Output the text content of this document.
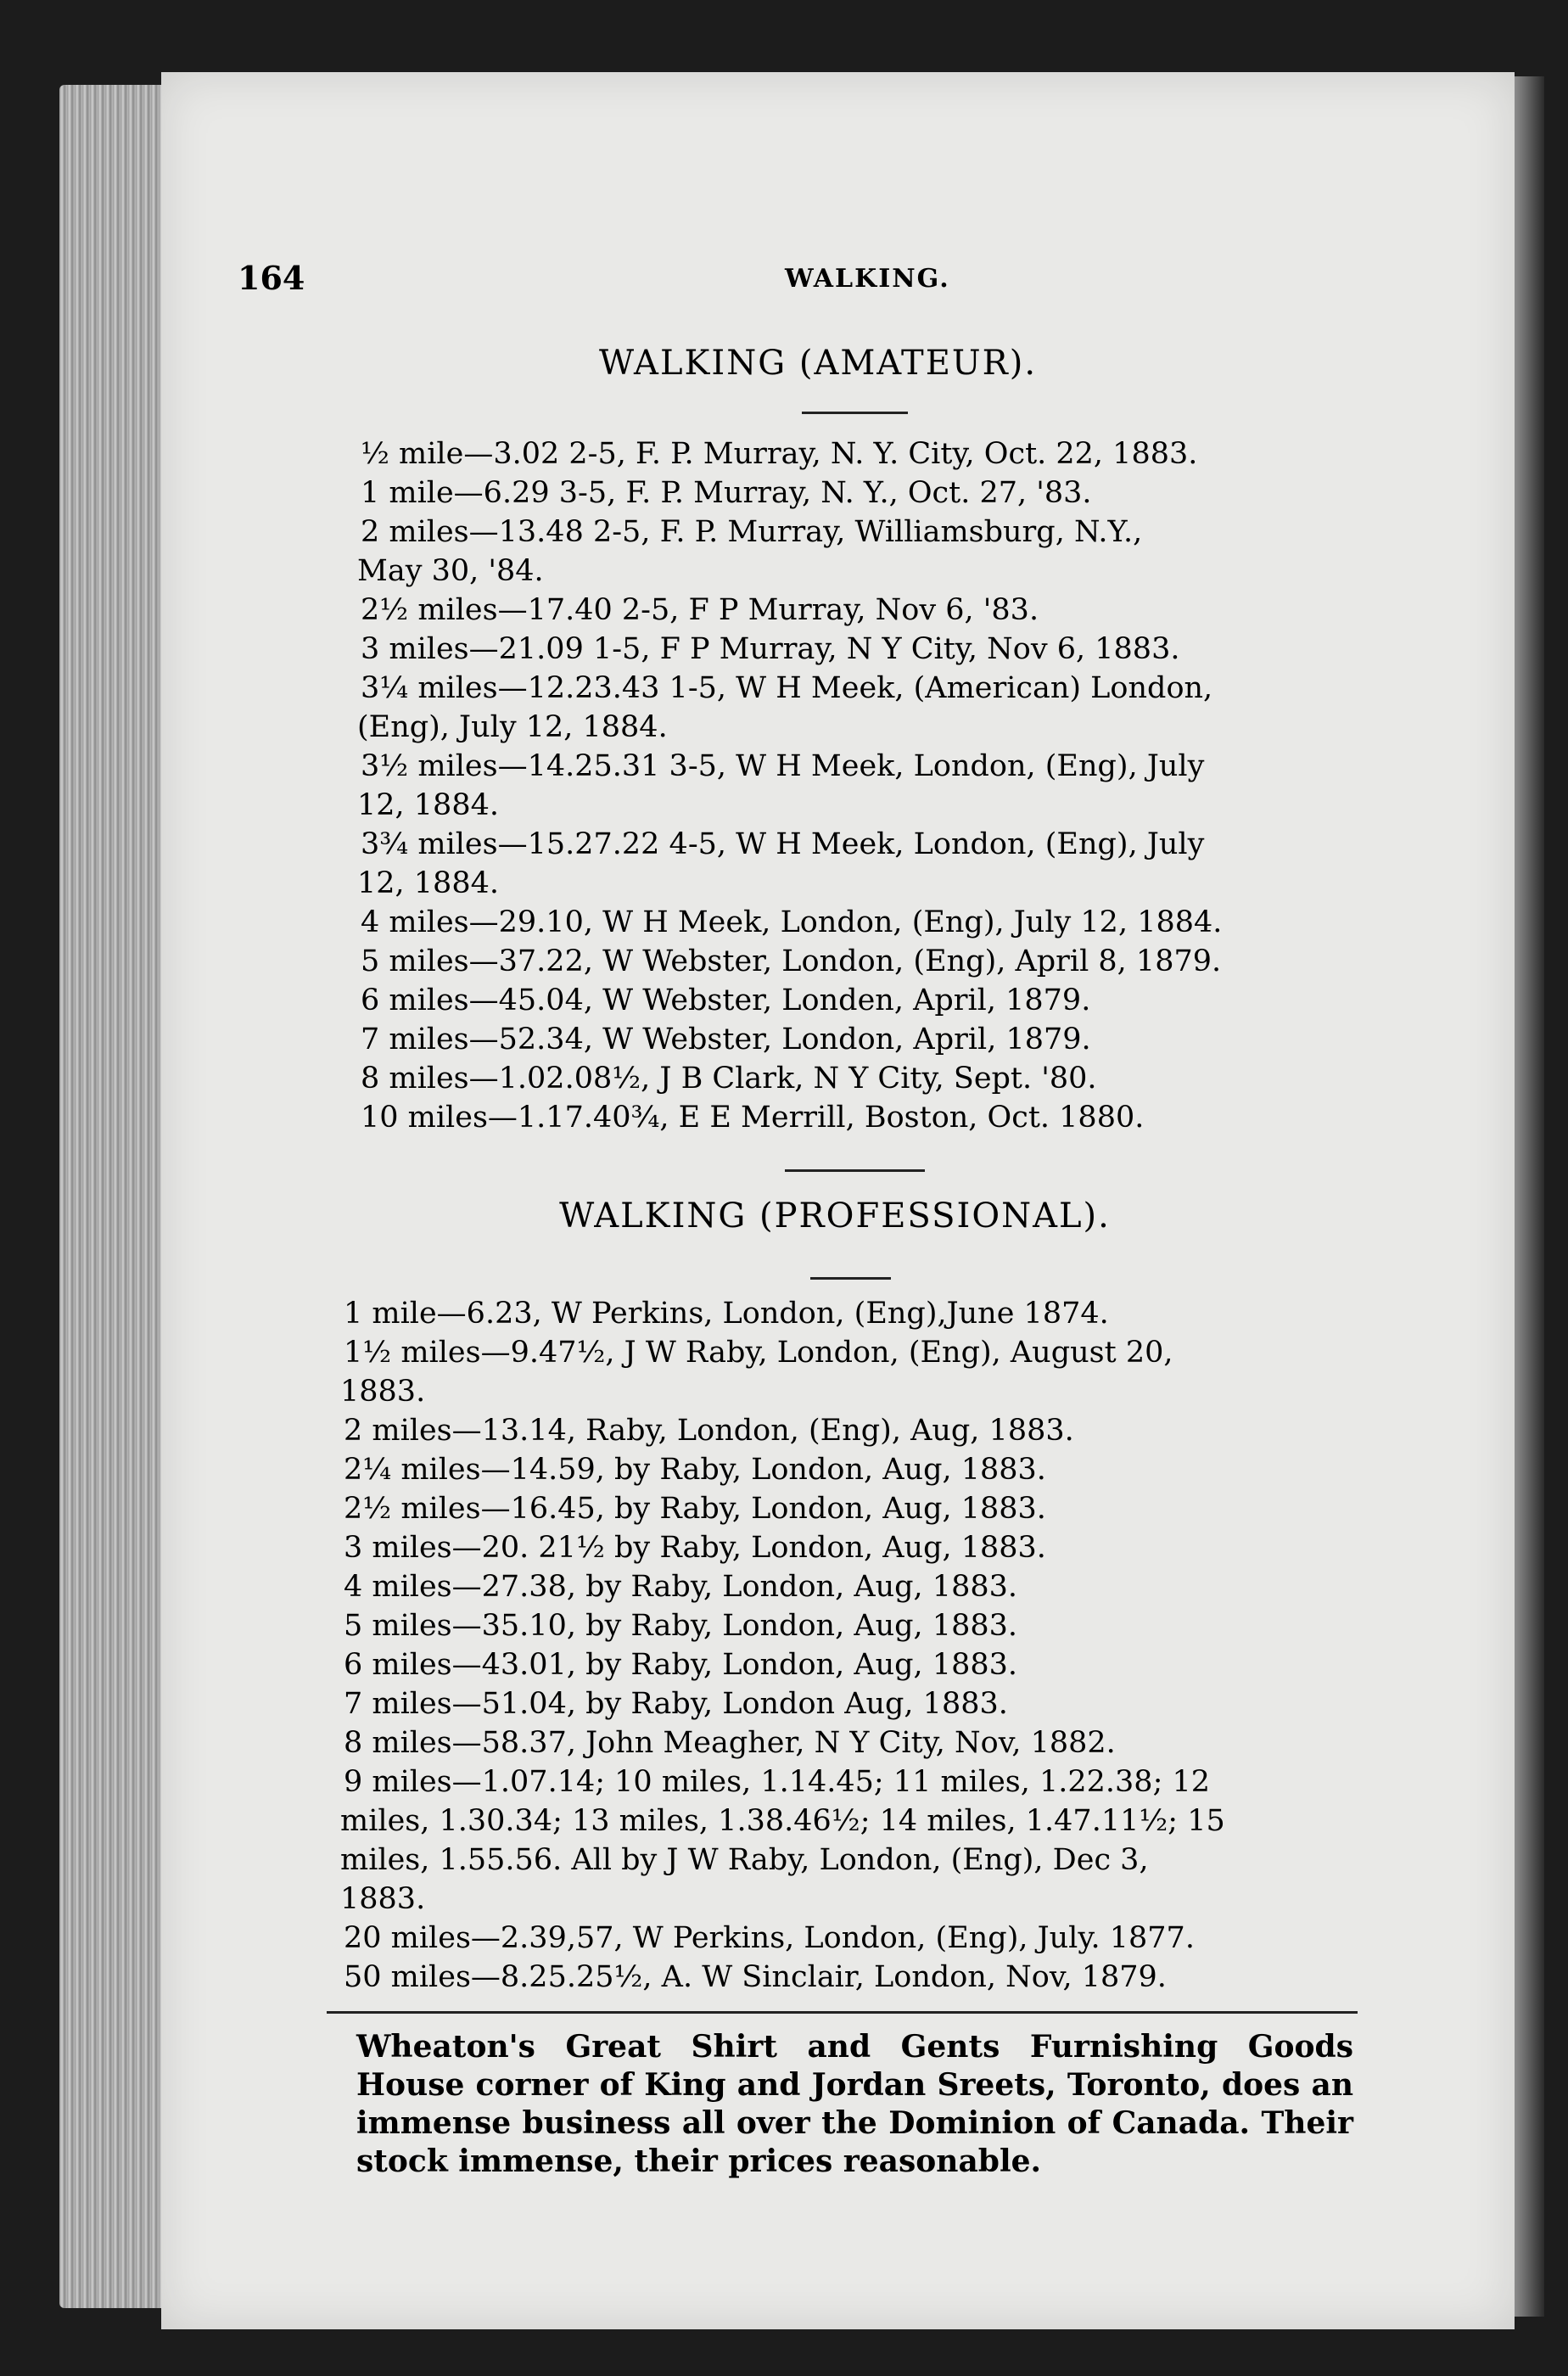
164	WALKING.
WALKING (AMATEUR).
½ mile—3.02 2-5, F. P. Murray, N. Y. City, Oct. 22, 1883.
1 mile—6.29 3-5, F. P. Murray, N. Y., Oct. 27, '83.
2 miles—13.48 2-5, F. P. Murray, Williamsburg, N.Y.,
May 30, '84.
2½ miles—17.40 2-5, F P Murray, Nov 6, '83.
3 miles—21.09 1-5, F P Murray, N Y City, Nov 6, 1883.
3¼ miles—12.23.43 1-5, W H Meek, (American) London,
(Eng), July 12, 1884.
3½ miles—14.25.31 3-5, W H Meek, London, (Eng), July
12, 1884.
3¾ miles—15.27.22 4-5, W H Meek, London, (Eng), July
12, 1884.
4 miles—29.10, W H Meek, London, (Eng), July 12, 1884.
5 miles—37.22, W Webster, London, (Eng), April 8, 1879.
6 miles—45.04, W Webster, Londen, April, 1879.
7 miles—52.34, W Webster, London, April, 1879.
8 miles—1.02.08½, J B Clark, N Y City, Sept. '80.
10 miles—1.17.40¾, E E Merrill, Boston, Oct. 1880.
WALKING (PROFESSIONAL).
1 mile—6.23, W Perkins, London, (Eng),June 1874.
1½ miles—9.47½, J W Raby, London, (Eng), August 20,
1883.
2 miles—13.14, Raby, London, (Eng), Aug, 1883.
2¼ miles—14.59, by Raby, London, Aug, 1883.
2½ miles—16.45, by Raby, London, Aug, 1883.
3 miles—20. 21½ by Raby, London, Aug, 1883.
4 miles—27.38, by Raby, London, Aug, 1883.
5 miles—35.10, by Raby, London, Aug, 1883.
6 miles—43.01, by Raby, London, Aug, 1883.
7 miles—51.04, by Raby, London Aug, 1883.
8 miles—58.37, John Meagher, N Y City, Nov, 1882.
9 miles—1.07.14; 10 miles, 1.14.45; 11 miles, 1.22.38; 12
miles, 1.30.34; 13 miles, 1.38.46½; 14 miles, 1.47.11½; 15
miles, 1.55.56. All by J W Raby, London, (Eng), Dec 3,
1883.
20 miles—2.39,57, W Perkins, London, (Eng), July. 1877.
50 miles—8.25.25½, A. W Sinclair, London, Nov, 1879.
Wheaton's Great Shirt and Gents Furnishing Goods House corner of King and Jordan Sreets, Toronto, does an immense business all over the Dominion of Canada. Their stock immense, their prices reasonable.
